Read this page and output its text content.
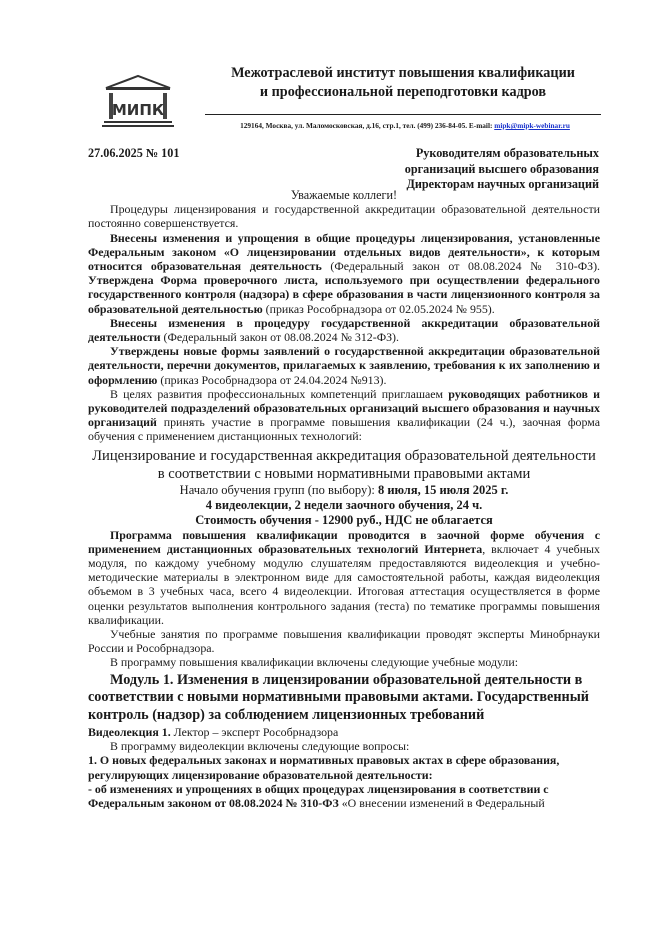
МИПК
Межотраслевой институт повышения квалификации
и профессиональной переподготовки кадров
129164, Москва, ул. Маломосковская, д.16, стр.1, тел. (499) 236-84-05. E-mail: mipk@mipk-webinar.ru
27.06.2025 № 101	Руководителям образовательных
организаций высшего образования
Директорам научных организаций

Уважаемые коллеги!

Процедуры лицензирования и государственной аккредитации образовательной деятельности постоянно совершенствуется.

Внесены изменения и упрощения в общие процедуры лицензирования, установленные Федеральным законом «О лицензировании отдельных видов деятельности», к которым относится образовательная деятельность (Федеральный закон от 08.08.2024 № 310-ФЗ). Утверждена Форма проверочного листа, используемого при осуществлении федерального государственного контроля (надзора) в сфере образования в части лицензионного контроля за образовательной деятельностью (приказ Рособрнадзора от 02.05.2024 № 955).

Внесены изменения в процедуру государственной аккредитации образовательной деятельности (Федеральный закон от 08.08.2024 № 312-ФЗ).

Утверждены новые формы заявлений о государственной аккредитации образовательной деятельности, перечни документов, прилагаемых к заявлению, требования к их заполнению и оформлению (приказ Рособрнадзора от 24.04.2024 №913).

В целях развития профессиональных компетенций приглашаем руководящих работников и руководителей подразделений образовательных организаций высшего образования и научных организаций принять участие в программе повышения квалификации (24 ч.), заочная форма обучения с применением дистанционных технологий:

Лицензирование и государственная аккредитация образовательной деятельности в соответствии с новыми нормативными правовыми актами

Начало обучения групп (по выбору): 8 июля, 15 июля 2025 г.

4 видеолекции, 2 недели заочного обучения, 24 ч.

Стоимость обучения - 12900 руб., НДС не облагается

Программа повышения квалификации проводится в заочной форме обучения с применением дистанционных образовательных технологий Интернета, включает 4 учебных модуля, по каждому учебному модулю слушателям предоставляются видеолекция и учебно-методические материалы в электронном виде для самостоятельной работы, каждая видеолекция объемом в 3 учебных часа, всего 4 видеолекции. Итоговая аттестация осуществляется в форме оценки результатов выполнения контрольного задания (теста) по тематике программы повышения квалификации.

Учебные занятия по программе повышения квалификации проводят эксперты Минобрнауки России и Рособрнадзора.

В программу повышения квалификации включены следующие учебные модули:

Модуль 1. Изменения в лицензировании образовательной деятельности в соответствии с новыми нормативными правовыми актами. Государственный контроль (надзор) за соблюдением лицензионных требований

Видеолекция 1. Лектор – эксперт Рособрнадзора

В программу видеолекции включены следующие вопросы:

1. О новых федеральных законах и нормативных правовых актах в сфере образования, регулирующих лицензирование образовательной деятельности:

- об изменениях и упрощениях в общих процедурах лицензирования в соответствии с Федеральным законом от 08.08.2024 № 310-ФЗ «О внесении изменений в Федеральный
